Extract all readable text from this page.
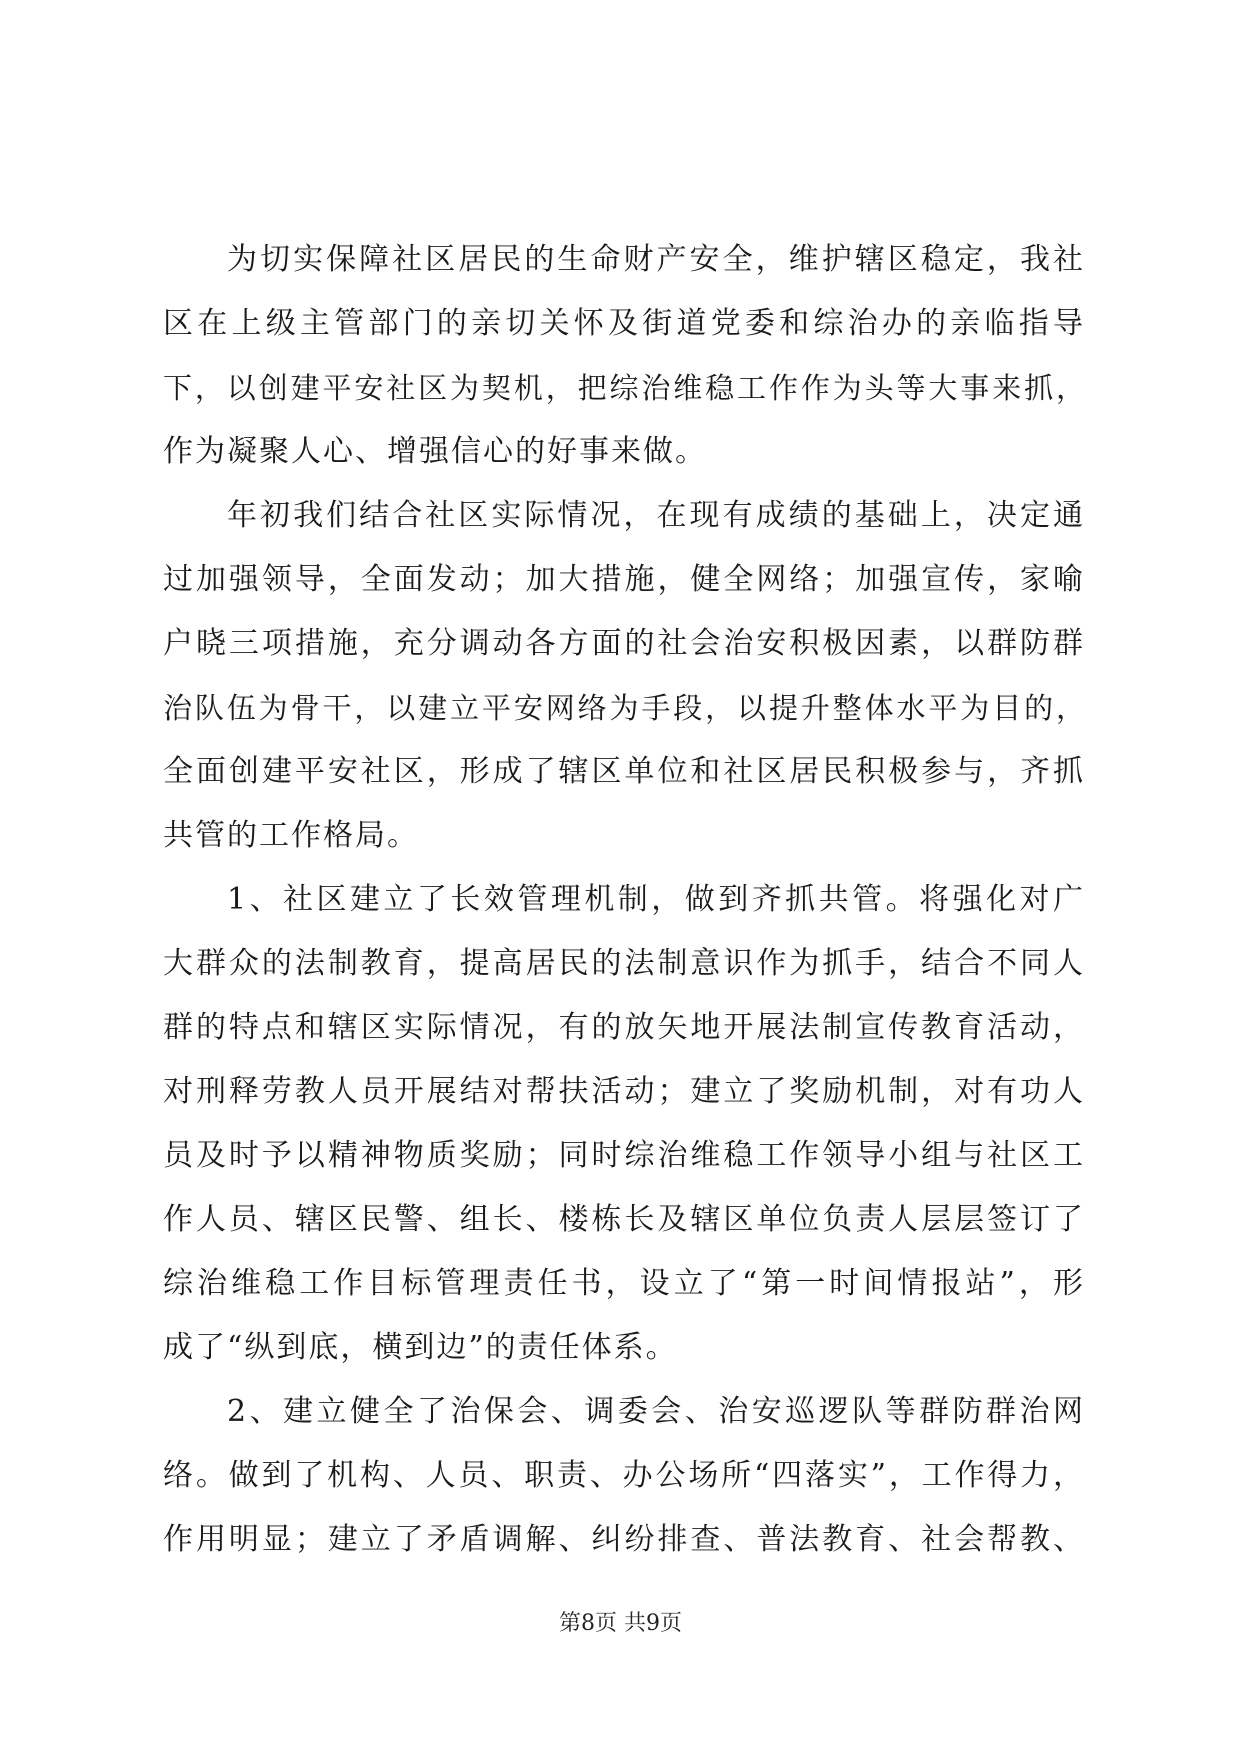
为切实保障社区居民的生命财产安全，维护辖区稳定，我社
区在上级主管部门的亲切关怀及街道党委和综治办的亲临指导
下，以创建平安社区为契机，把综治维稳工作作为头等大事来抓，
作为凝聚人心、增强信心的好事来做。
年初我们结合社区实际情况，在现有成绩的基础上，决定通
过加强领导，全面发动；加大措施，健全网络；加强宣传，家喻
户晓三项措施，充分调动各方面的社会治安积极因素，以群防群
治队伍为骨干，以建立平安网络为手段，以提升整体水平为目的，
全面创建平安社区，形成了辖区单位和社区居民积极参与，齐抓
共管的工作格局。
1、社区建立了长效管理机制，做到齐抓共管。将强化对广
大群众的法制教育，提高居民的法制意识作为抓手，结合不同人
群的特点和辖区实际情况，有的放矢地开展法制宣传教育活动，
对刑释劳教人员开展结对帮扶活动；建立了奖励机制，对有功人
员及时予以精神物质奖励；同时综治维稳工作领导小组与社区工
作人员、辖区民警、组长、楼栋长及辖区单位负责人层层签订了
综治维稳工作目标管理责任书，设立了“第一时间情报站”，形
成了“纵到底，横到边”的责任体系。
2、建立健全了治保会、调委会、治安巡逻队等群防群治网
络。做到了机构、人员、职责、办公场所“四落实”，工作得力，
作用明显；建立了矛盾调解、纠纷排查、普法教育、社会帮教、
第8页 共9页
